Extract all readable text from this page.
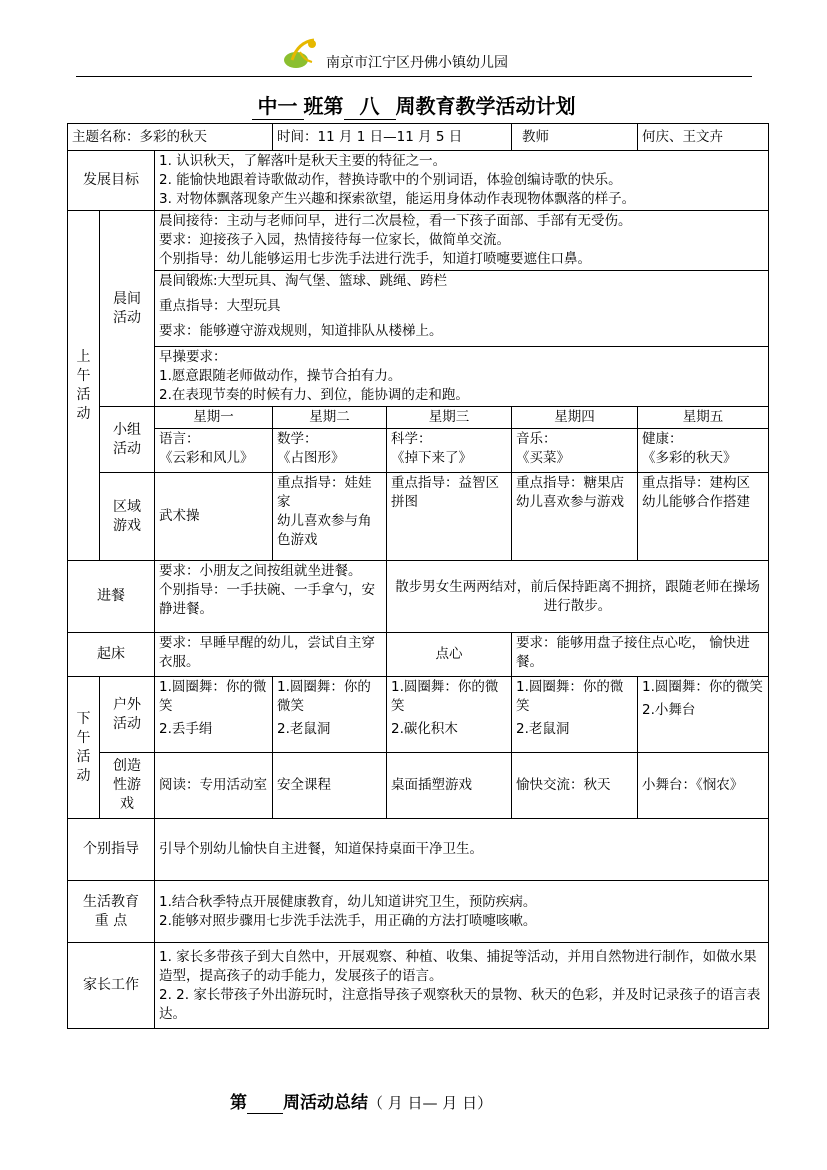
南京市江宁区丹佛小镇幼儿园
中一 班第 八 周教育教学活动计划
主题名称：多彩的秋天			时间：11 月 1 日—11 月 5 日		教师	何庆、王文卉
发展目标		1. 认识秋天，了解落叶是秋天主要的特征之一。
2. 能愉快地跟着诗歌做动作，替换诗歌中的个别词语，体验创编诗歌的快乐。
3. 对物体飘落现象产生兴趣和探索欲望，能运用身体动作表现物体飘落的样子。				

上
午
活
动	晨间
活动	晨间接待：主动与老师问早，进行二次晨检，看一下孩子面部、手部有无受伤。
要求：迎接孩子入园，热情接待每一位家长，做简单交流。
个别指导：幼儿能够运用七步洗手法进行洗手，知道打喷嚏要遮住口鼻。				

		晨间锻炼:大型玩具、淘气堡、篮球、跳绳、跨栏
重点指导：大型玩具
要求：能够遵守游戏规则，知道排队从楼梯上。				

		早操要求：
1.愿意跟随老师做动作，操节合拍有力。
2.在表现节奏的时候有力、到位，能协调的走和跑。				

	小组
活动	星期一	星期二	星期三	星期四	星期五

		语言：
《云彩和风儿》	数学：
《占图形》	科学：
《掉下来了》	音乐：
《买菜》	健康：
《多彩的秋天》

	区域
游戏	武术操	重点指导：娃娃家
幼儿喜欢参与角色游戏	重点指导：益智区
拼图	重点指导：糖果店
幼儿喜欢参与游戏	重点指导：建构区
幼儿能够合作搭建

进餐		要求：小朋友之间按组就坐进餐。
个别指导：一手扶碗、一手拿勺，安静进餐。		散步男女生两两结对，前后保持距离不拥挤，跟随老师在操场进行散步。		
起床		要求：早睡早醒的幼儿，尝试自主穿衣服。		点心	要求：能够用盘子接住点心吃， 愉快进餐。	
下
午
活
动	户外
活动	1.圆圈舞：你的微笑
2.丢手绢	1.圆圈舞：你的微笑
2.老鼠洞	1.圆圈舞：你的微笑
2.碳化积木	1.圆圈舞：你的微笑
2.老鼠洞	1.圆圈舞：你的微笑
2.小舞台

	创造
性游
戏	阅读：专用活动室	安全课程	桌面插塑游戏	愉快交流：秋天	小舞台：《悯农》
个别指导		引导个别幼儿愉快自主进餐，知道保持桌面干净卫生。				
生活教育
重 点		1.结合秋季特点开展健康教育，幼儿知道讲究卫生，预防疾病。
2.能够对照步骤用七步洗手法洗手，用正确的方法打喷嚏咳嗽。				

家长工作		1. 家长多带孩子到大自然中，开展观察、种植、收集、捕捉等活动，并用自然物进行制作，如做水果造型，提高孩子的动手能力，发展孩子的语言。
2. 2. 家长带孩子外出游玩时，注意指导孩子观察秋天的景物、秋天的色彩，并及时记录孩子的语言表达。				
第 周活动总结（ 月 日— 月 日）
